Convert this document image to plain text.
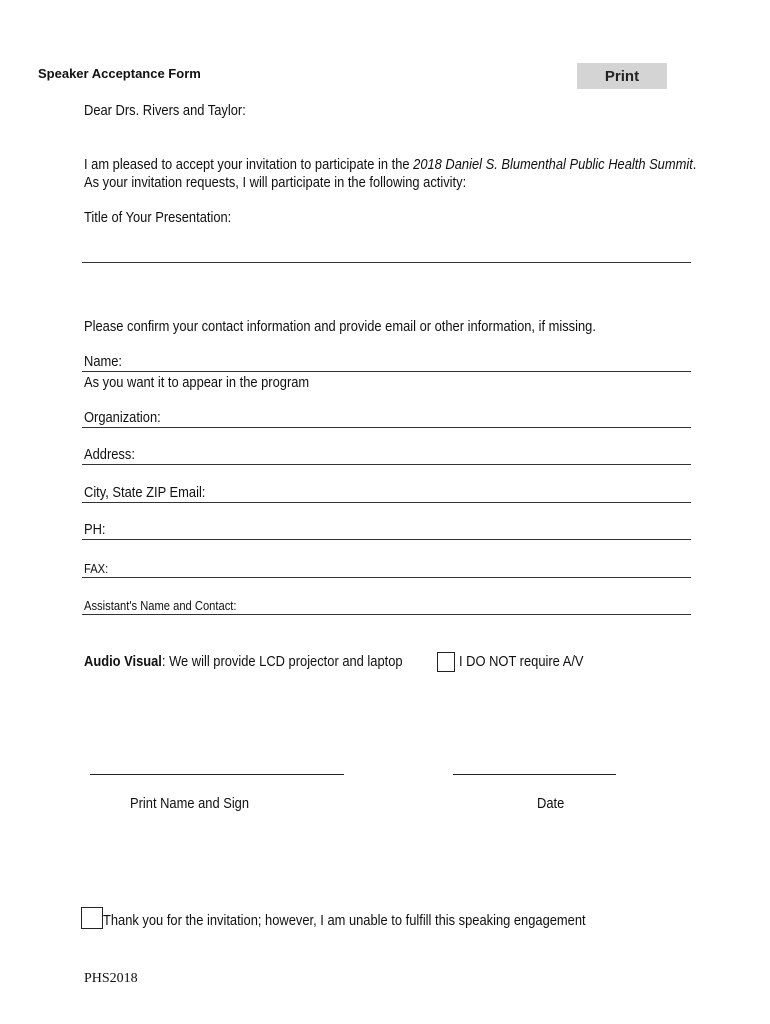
Speaker Acceptance Form	Print
Dear Drs. Rivers and Taylor:
I am pleased to accept your invitation to participate in the 2018 Daniel S. Blumenthal Public Health Summit.
As your invitation requests, I will participate in the following activity:
Title of Your Presentation:
Please confirm your contact information and provide email or other information, if missing.
Name:
As you want it to appear in the program
Organization:
Address:
City, State ZIP Email:
PH:
FAX:
Assistant's Name and Contact:
Audio Visual: We will provide LCD projector and laptop	I DO NOT require A/V
Print Name and Sign	Date
Thank you for the invitation; however, I am unable to fulfill this speaking engagement
PHS2018
